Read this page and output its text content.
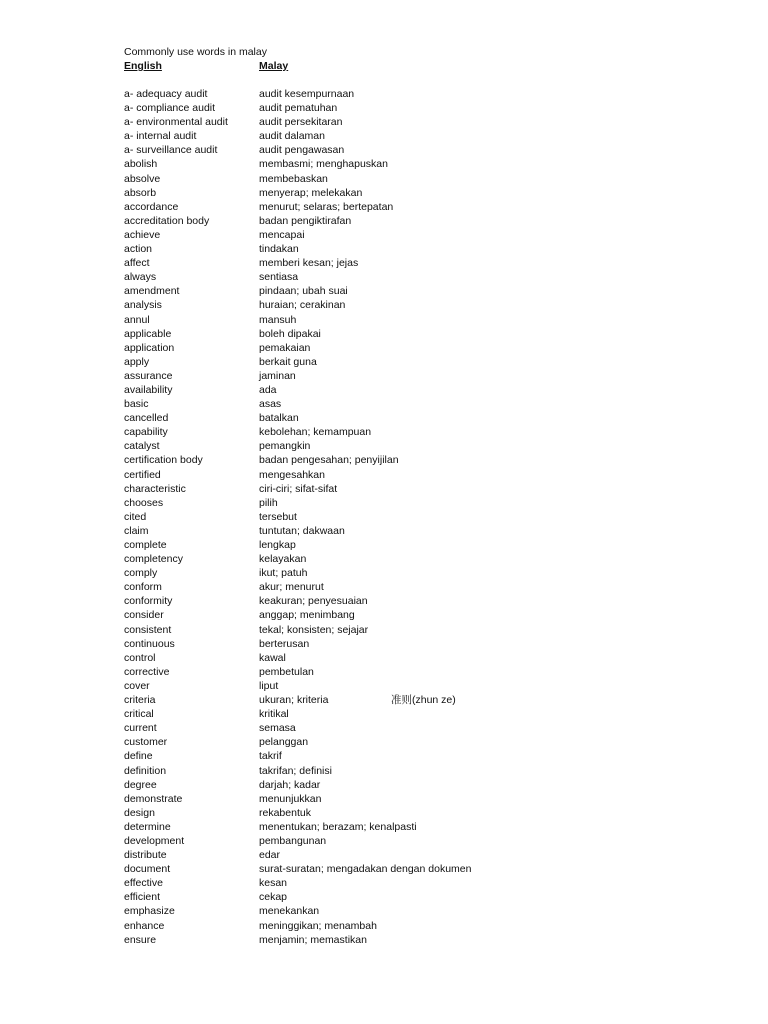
Commonly use words in malay
English	Malay
a- adequacy audit	audit kesempurnaan
a- compliance audit	audit pematuhan
a- environmental audit	audit persekitaran
a- internal audit	audit dalaman
a- surveillance audit	audit pengawasan
abolish	membasmi; menghapuskan
absolve	membebaskan
absorb	menyerap; melekakan
accordance	menurut; selaras; bertepatan
accreditation body	badan pengiktirafan
achieve	mencapai
action	tindakan
affect	memberi kesan; jejas
always	sentiasa
amendment	pindaan; ubah suai
analysis	huraian; cerakinan
annul	mansuh
applicable	boleh dipakai
application	pemakaian
apply	berkait guna
assurance	jaminan
availability	ada
basic	asas
cancelled	batalkan
capability	kebolehan; kemampuan
catalyst	pemangkin
certification body	badan pengesahan; penyijilan
certified	mengesahkan
characteristic	ciri-ciri; sifat-sifat
chooses	pilih
cited	tersebut
claim	tuntutan; dakwaan
complete	lengkap
completency	kelayakan
comply	ikut; patuh
conform	akur; menurut
conformity	keakuran; penyesuaian
consider	anggap; menimbang
consistent	tekal; konsisten; sejajar
continuous	berterusan
control	kawal
corrective	pembetulan
cover	liput
criteria	ukuran; kriteria	准则(zhun ze)
critical	kritikal
current	semasa
customer	pelanggan
define	takrif
definition	takrifan; definisi
degree	darjah; kadar
demonstrate	menunjukkan
design	rekabentuk
determine	menentukan; berazam; kenalpasti
development	pembangunan
distribute	edar
document	surat-suratan; mengadakan dengan dokumen
effective	kesan
efficient	cekap
emphasize	menekankan
enhance	meninggikan; menambah
ensure	menjamin; memastikan
